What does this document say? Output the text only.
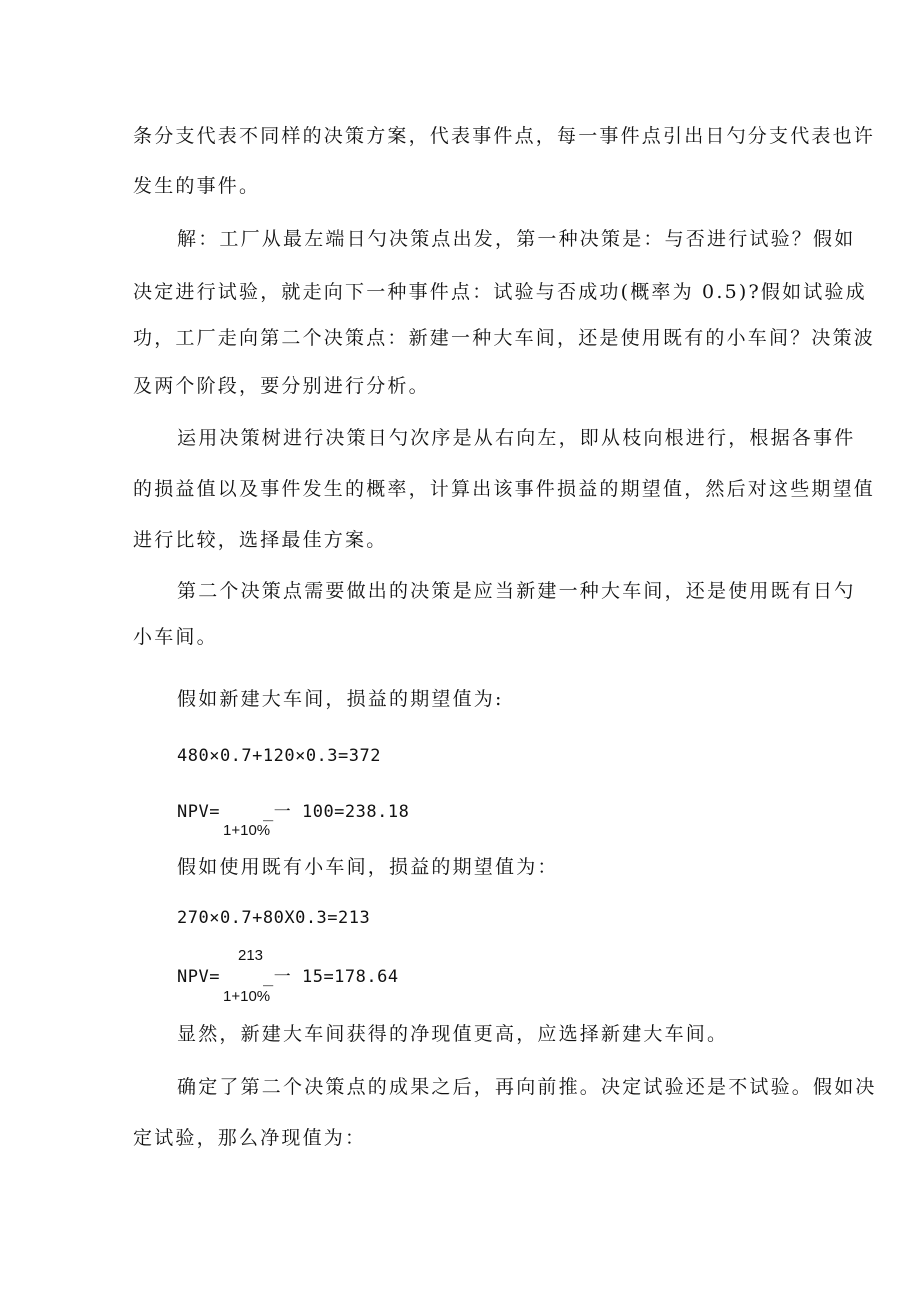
条分支代表不同样的决策方案，代表事件点，每一事件点引出日勺分支代表也许
发生的事件。
解：工厂从最左端日勺决策点出发，第一种决策是：与否进行试验？假如
决定进行试验，就走向下一种事件点：试验与否成功(概率为 0.5)?假如试验成
功，工厂走向第二个决策点：新建一种大车间，还是使用既有的小车间？决策波
及两个阶段，要分别进行分析。
运用决策树进行决策日勺次序是从右向左，即从枝向根进行，根据各事件
的损益值以及事件发生的概率，计算出该事件损益的期望值，然后对这些期望值
进行比较，选择最佳方案。
第二个决策点需要做出的决策是应当新建一种大车间，还是使用既有日勺
小车间。
假如新建大车间，损益的期望值为:
480×0.7+120×0.3=372
NPV=	_一 100=238.18
1+10%
假如使用既有小车间，损益的期望值为：
270×0.7+80X0.3=213
213
NPV=	_一 15=178.64
1+10%
显然，新建大车间获得的净现值更高，应选择新建大车间。
确定了第二个决策点的成果之后，再向前推。决定试验还是不试验。假如决
定试验，那么净现值为：
